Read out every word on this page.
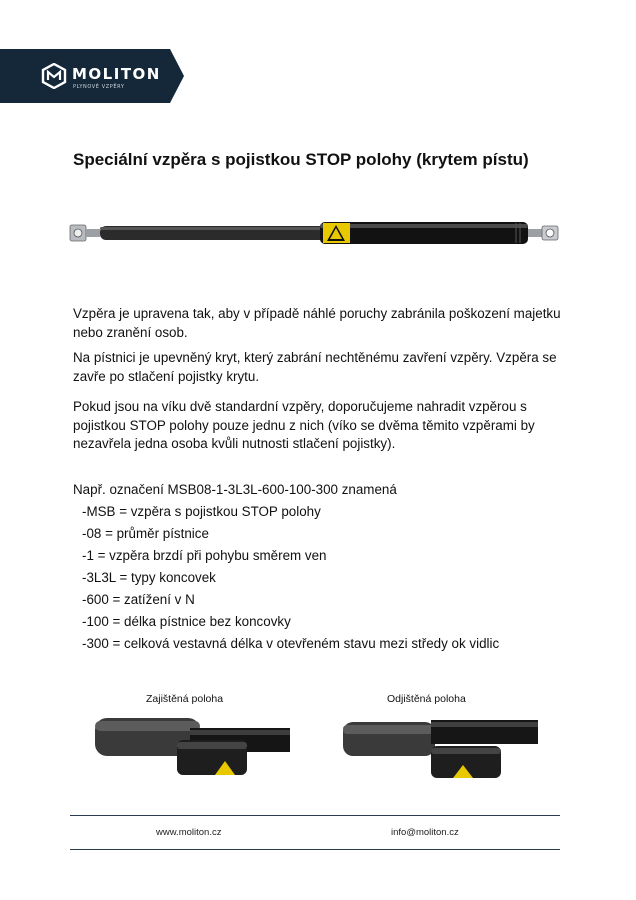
MOLITON
PLYNOVÉ VZPĚRY
Speciální vzpěra s pojistkou STOP polohy (krytem pístu)

Vzpěra je upravena tak, aby v případě náhlé poruchy zabránila poškození majetku nebo zranění osob.

Na pístnici je upevněný kryt, který zabrání nechtěnému zavření vzpěry. Vzpěra se zavře po stlačení pojistky krytu.

Pokud jsou na víku dvě standardní vzpěry, doporučujeme nahradit vzpěrou s pojistkou STOP polohy pouze jednu z nich (víko se dvěma těmito vzpěrami by nezavřela jedna osoba kvůli nutnosti stlačení pojistky).

Např. označení MSB08-1-3L3L-600-100-300 znamená
-MSB = vzpěra s pojistkou STOP polohy
-08 = průměr pístnice
-1 = vzpěra brzdí při pohybu směrem ven
-3L3L = typy koncovek
-600 = zatížení v N
-100 = délka pístnice bez koncovky
-300 = celková vestavná délka v otevřeném stavu mezi středy ok vidlic
Zajištěná poloha	Odjištěná poloha
www.moliton.cz	info@moliton.cz
